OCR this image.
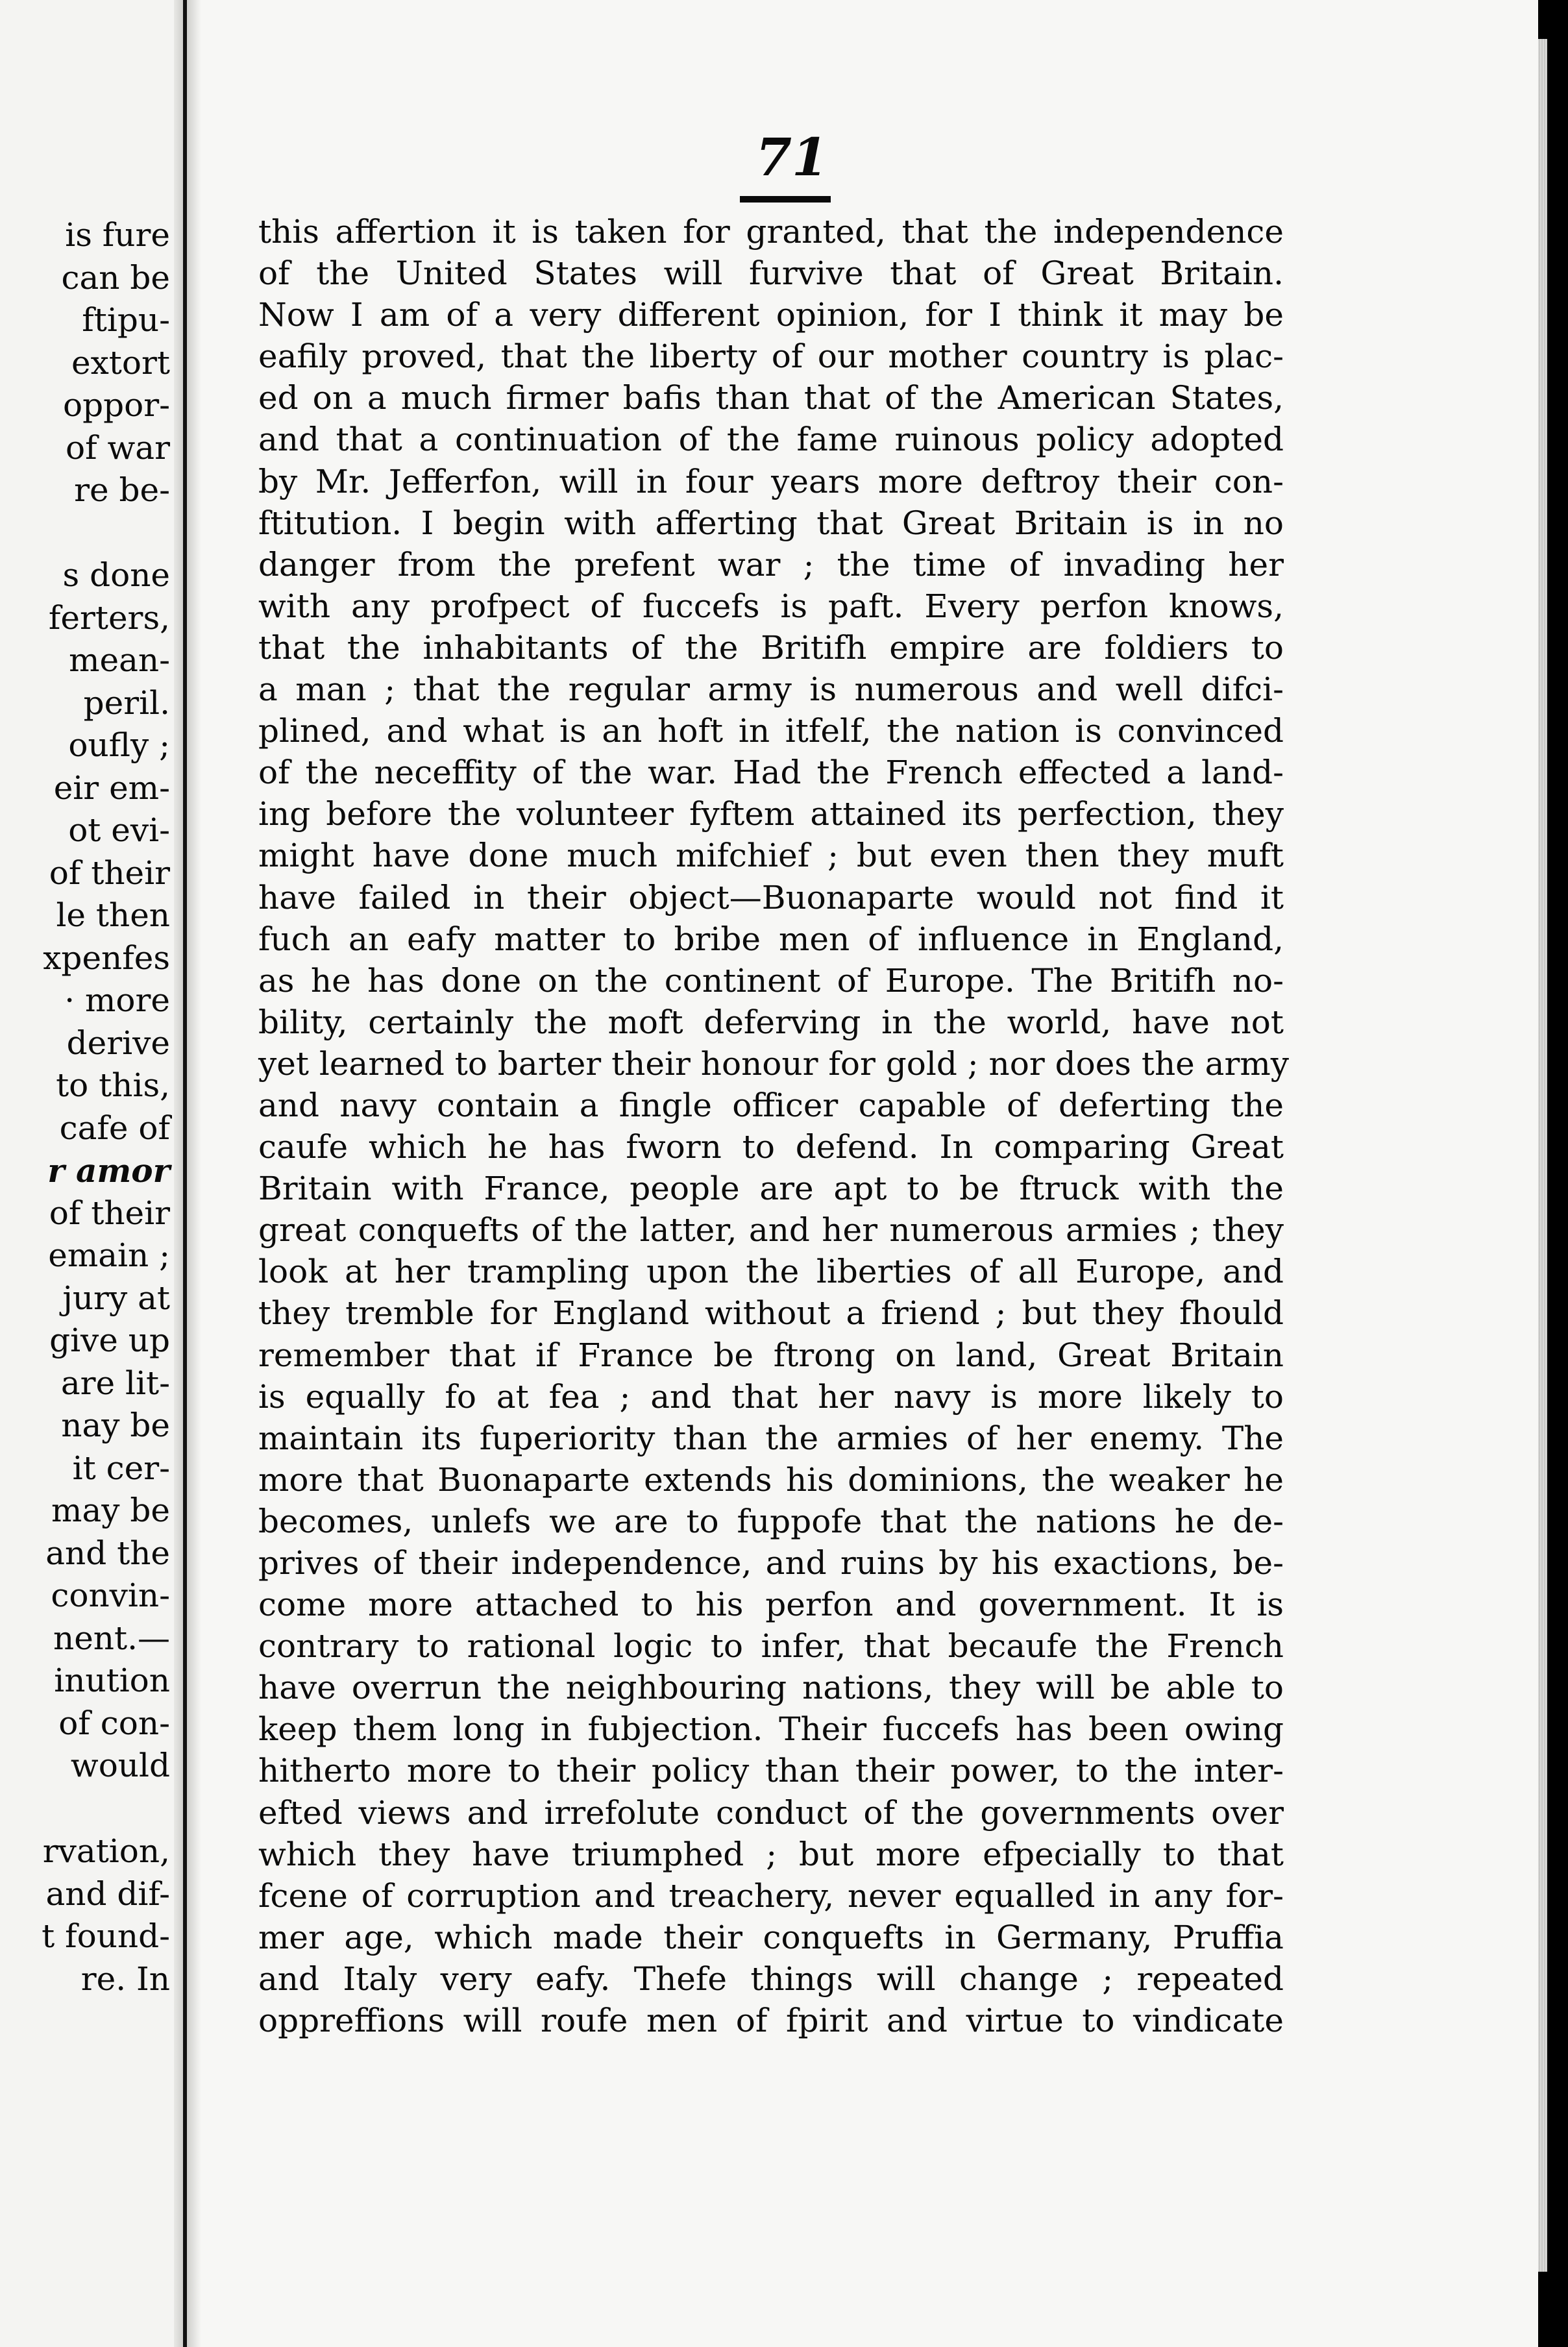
is fure
can be
ftipu-
extort
oppor-
of war
re be-
s done
ferters,
mean-
peril.
oufly ;
eir em-
ot evi-
of their
le then
xpenfes
· more
derive
to this,
cafe of
r amor
of their
emain ;
jury at
give up
are lit-
nay be
it cer-
may be
and the
convin-
nent.—
inution
of con-
would
rvation,
and dif-
t found-
re. In
71
this affertion it is taken for granted, that the independence
of the United States will furvive that of Great Britain.
Now I am of a very different opinion, for I think it may be
eafily proved, that the liberty of our mother country is plac-
ed on a much firmer bafis than that of the American States,
and that a continuation of the fame ruinous policy adopted
by Mr. Jefferfon, will in four years more deftroy their con-
ftitution. I begin with afferting that Great Britain is in no
danger from the prefent war ; the time of invading her
with any profpect of fuccefs is paft. Every perfon knows,
that the inhabitants of the Britifh empire are foldiers to
a man ; that the regular army is numerous and well difci-
plined, and what is an hoft in itfelf, the nation is convinced
of the neceffity of the war. Had the French effected a land-
ing before the volunteer fyftem attained its perfection, they
might have done much mifchief ; but even then they muft
have failed in their object—Buonaparte would not find it
fuch an eafy matter to bribe men of influence in England,
as he has done on the continent of Europe. The Britifh no-
bility, certainly the moft deferving in the world, have not
yet learned to barter their honour for gold ; nor does the army
and navy contain a fingle officer capable of deferting the
caufe which he has fworn to defend. In comparing Great
Britain with France, people are apt to be ftruck with the
great conquefts of the latter, and her numerous armies ; they
look at her trampling upon the liberties of all Europe, and
they tremble for England without a friend ; but they fhould
remember that if France be ftrong on land, Great Britain
is equally fo at fea ; and that her navy is more likely to
maintain its fuperiority than the armies of her enemy. The
more that Buonaparte extends his dominions, the weaker he
becomes, unlefs we are to fuppofe that the nations he de-
prives of their independence, and ruins by his exactions, be-
come more attached to his perfon and government. It is
contrary to rational logic to infer, that becaufe the French
have overrun the neighbouring nations, they will be able to
keep them long in fubjection. Their fuccefs has been owing
hitherto more to their policy than their power, to the inter-
efted views and irrefolute conduct of the governments over
which they have triumphed ; but more efpecially to that
fcene of corruption and treachery, never equalled in any for-
mer age, which made their conquefts in Germany, Pruffia
and Italy very eafy. Thefe things will change ; repeated
oppreffions will roufe men of fpirit and virtue to vindicate
